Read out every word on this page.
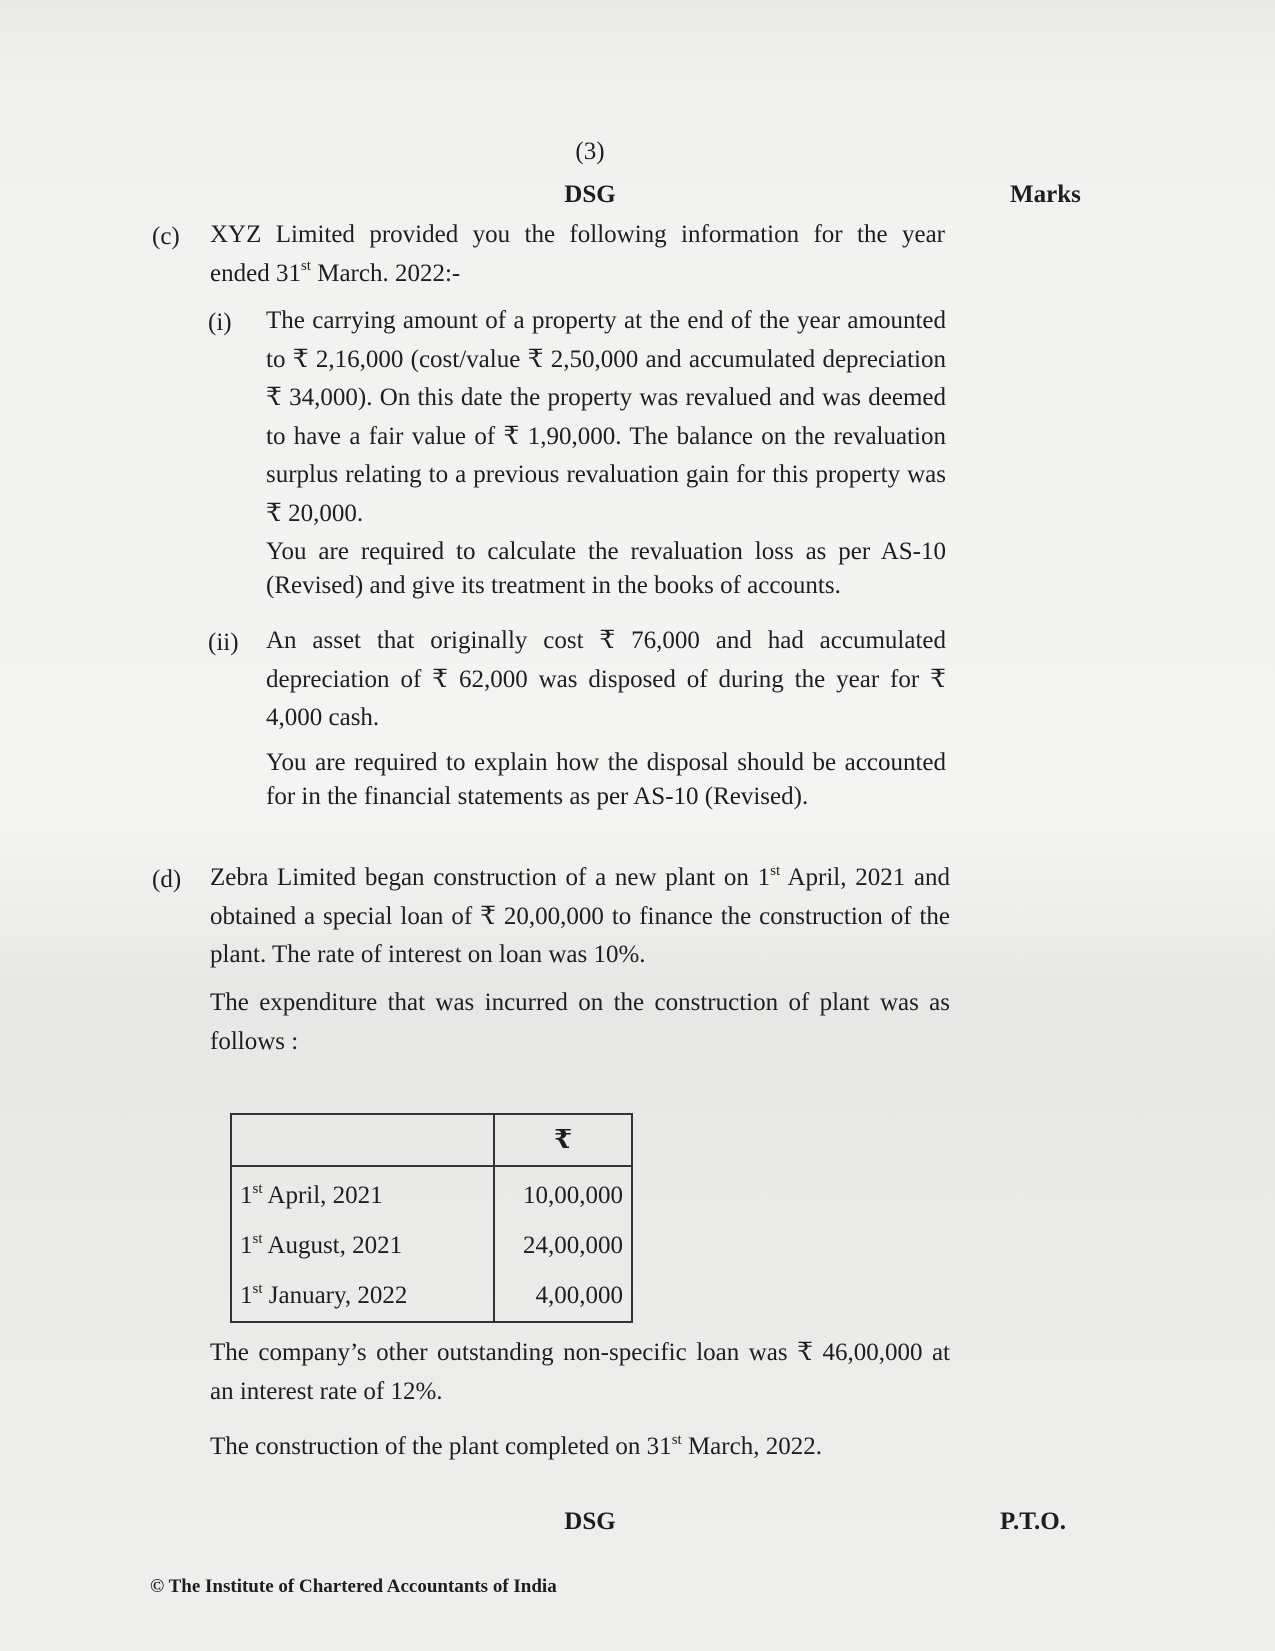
(3)
DSG	Marks
(c) XYZ Limited provided you the following information for the year
ended 31st March. 2022:-
(i) The carrying amount of a property at the end of the year amounted to ₹ 2,16,000 (cost/value ₹ 2,50,000 and accumulated depreciation ₹ 34,000). On this date the property was revalued and was deemed to have a fair value of ₹ 1,90,000. The balance on the revaluation surplus relating to a previous revaluation gain for this property was ₹ 20,000.
You are required to calculate the revaluation loss as per AS-10 (Revised) and give its treatment in the books of accounts.
(ii) An asset that originally cost ₹ 76,000 and had accumulated depreciation of ₹ 62,000 was disposed of during the year for ₹ 4,000 cash.
You are required to explain how the disposal should be accounted for in the financial statements as per AS-10 (Revised).
(d) Zebra Limited began construction of a new plant on 1st April, 2021 and obtained a special loan of ₹ 20,00,000 to finance the construction of the plant. The rate of interest on loan was 10%.
The expenditure that was incurred on the construction of plant was as follows :
	₹
1st April, 2021	10,00,000
1st August, 2021	24,00,000
1st January, 2022	4,00,000
The company’s other outstanding non-specific loan was ₹ 46,00,000 at an interest rate of 12%.
The construction of the plant completed on 31st March, 2022.
DSG	P.T.O.
© The Institute of Chartered Accountants of India
